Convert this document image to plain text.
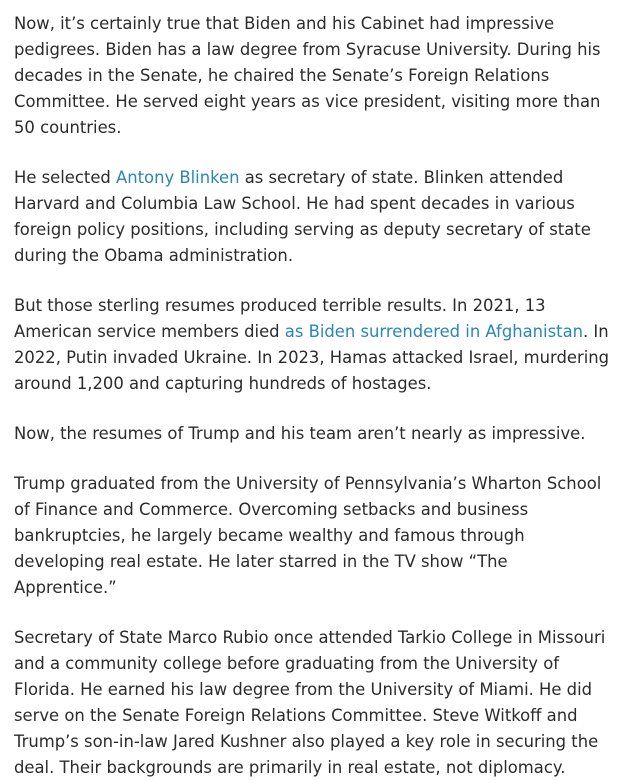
Now, it’s certainly true that Biden and his Cabinet had impressive pedigrees. Biden has a law degree from Syracuse University. During his decades in the Senate, he chaired the Senate’s Foreign Relations Committee. He served eight years as vice president, visiting more than 50 countries.

He selected Antony Blinken as secretary of state. Blinken attended Harvard and Columbia Law School. He had spent decades in various foreign policy positions, including serving as deputy secretary of state during the Obama administration.

But those sterling resumes produced terrible results. In 2021, 13 American service members died as Biden surrendered in Afghanistan. In 2022, Putin invaded Ukraine. In 2023, Hamas attacked Israel, murdering around 1,200 and capturing hundreds of hostages.

Now, the resumes of Trump and his team aren’t nearly as impressive.

Trump graduated from the University of Pennsylvania’s Wharton School of Finance and Commerce. Overcoming setbacks and business bankruptcies, he largely became wealthy and famous through developing real estate. He later starred in the TV show “The Apprentice.”

Secretary of State Marco Rubio once attended Tarkio College in Missouri and a community college before graduating from the University of Florida. He earned his law degree from the University of Miami. He did serve on the Senate Foreign Relations Committee. Steve Witkoff and Trump’s son-in-law Jared Kushner also played a key role in securing the deal. Their backgrounds are primarily in real estate, not diplomacy.
